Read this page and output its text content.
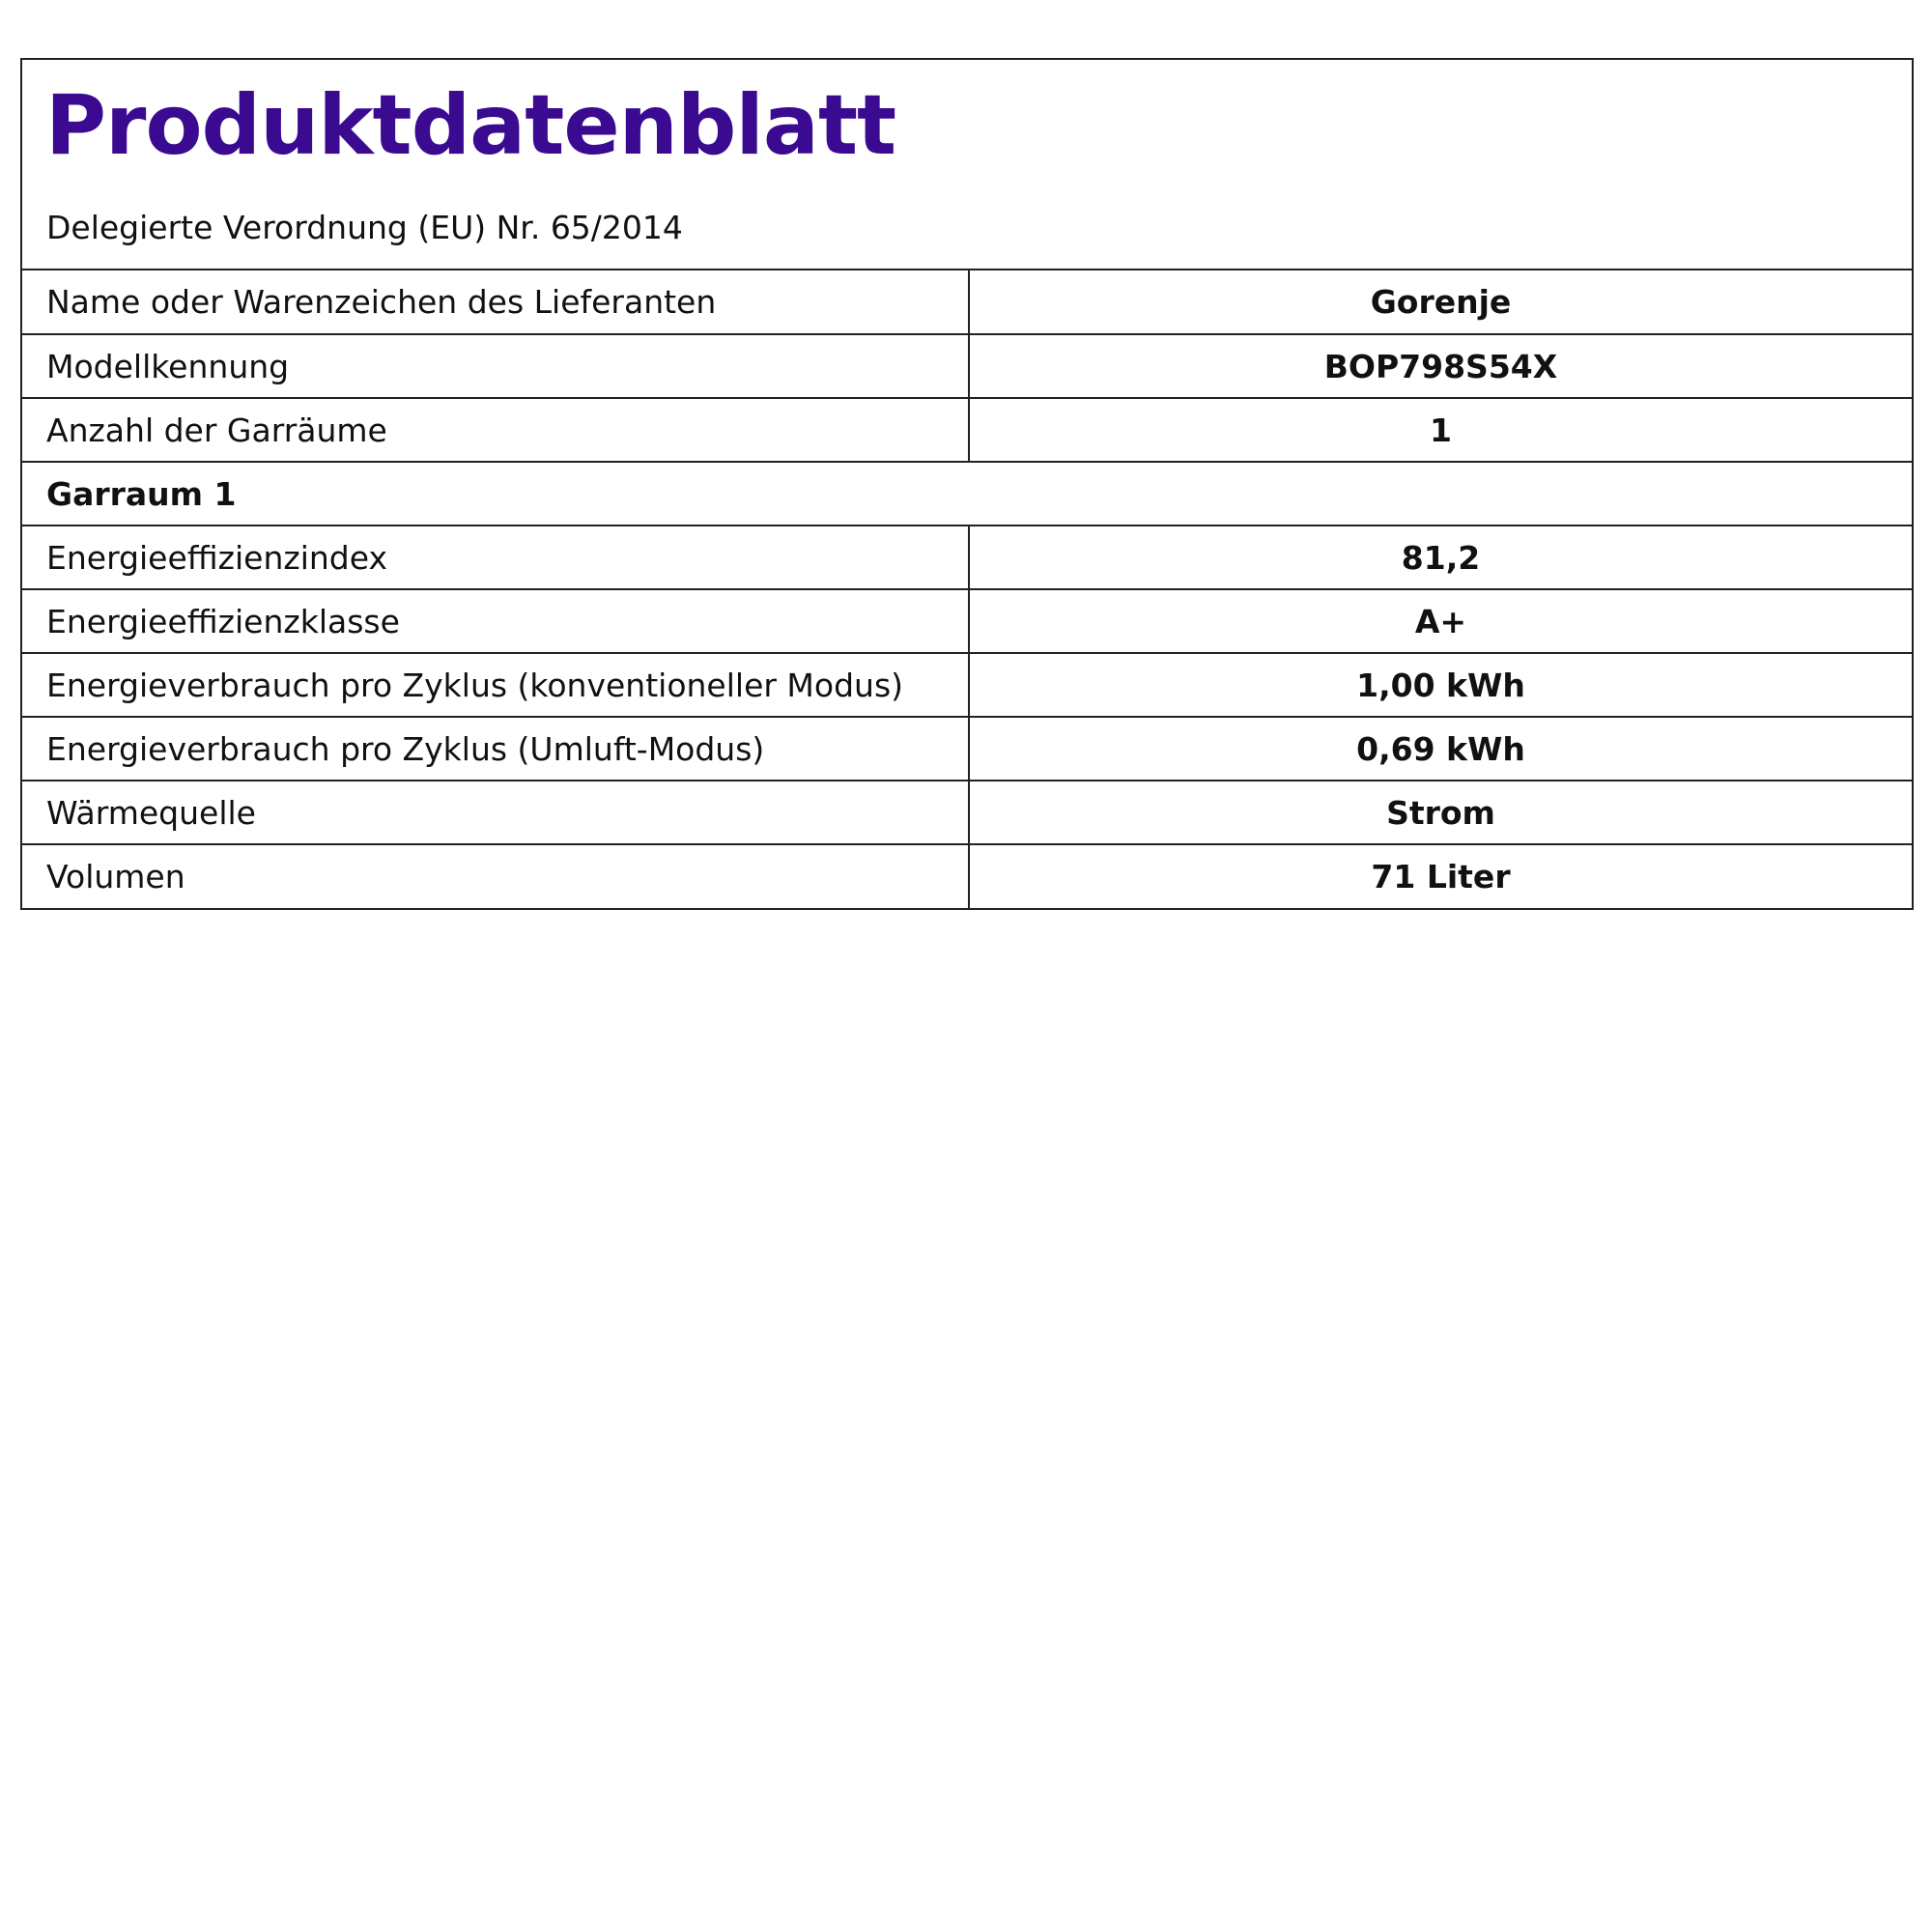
Produktdatenblatt
Delegierte Verordnung (EU) Nr. 65/2014
Name oder Warenzeichen des Lieferanten	Gorenje
Modellkennung	BOP798S54X
Anzahl der Garräume	1
Garraum 1	
Energieeffizienzindex	81,2
Energieeffizienzklasse	A+
Energieverbrauch pro Zyklus (konventioneller Modus)	1,00 kWh
Energieverbrauch pro Zyklus (Umluft-Modus)	0,69 kWh
Wärmequelle	Strom
Volumen	71 Liter
